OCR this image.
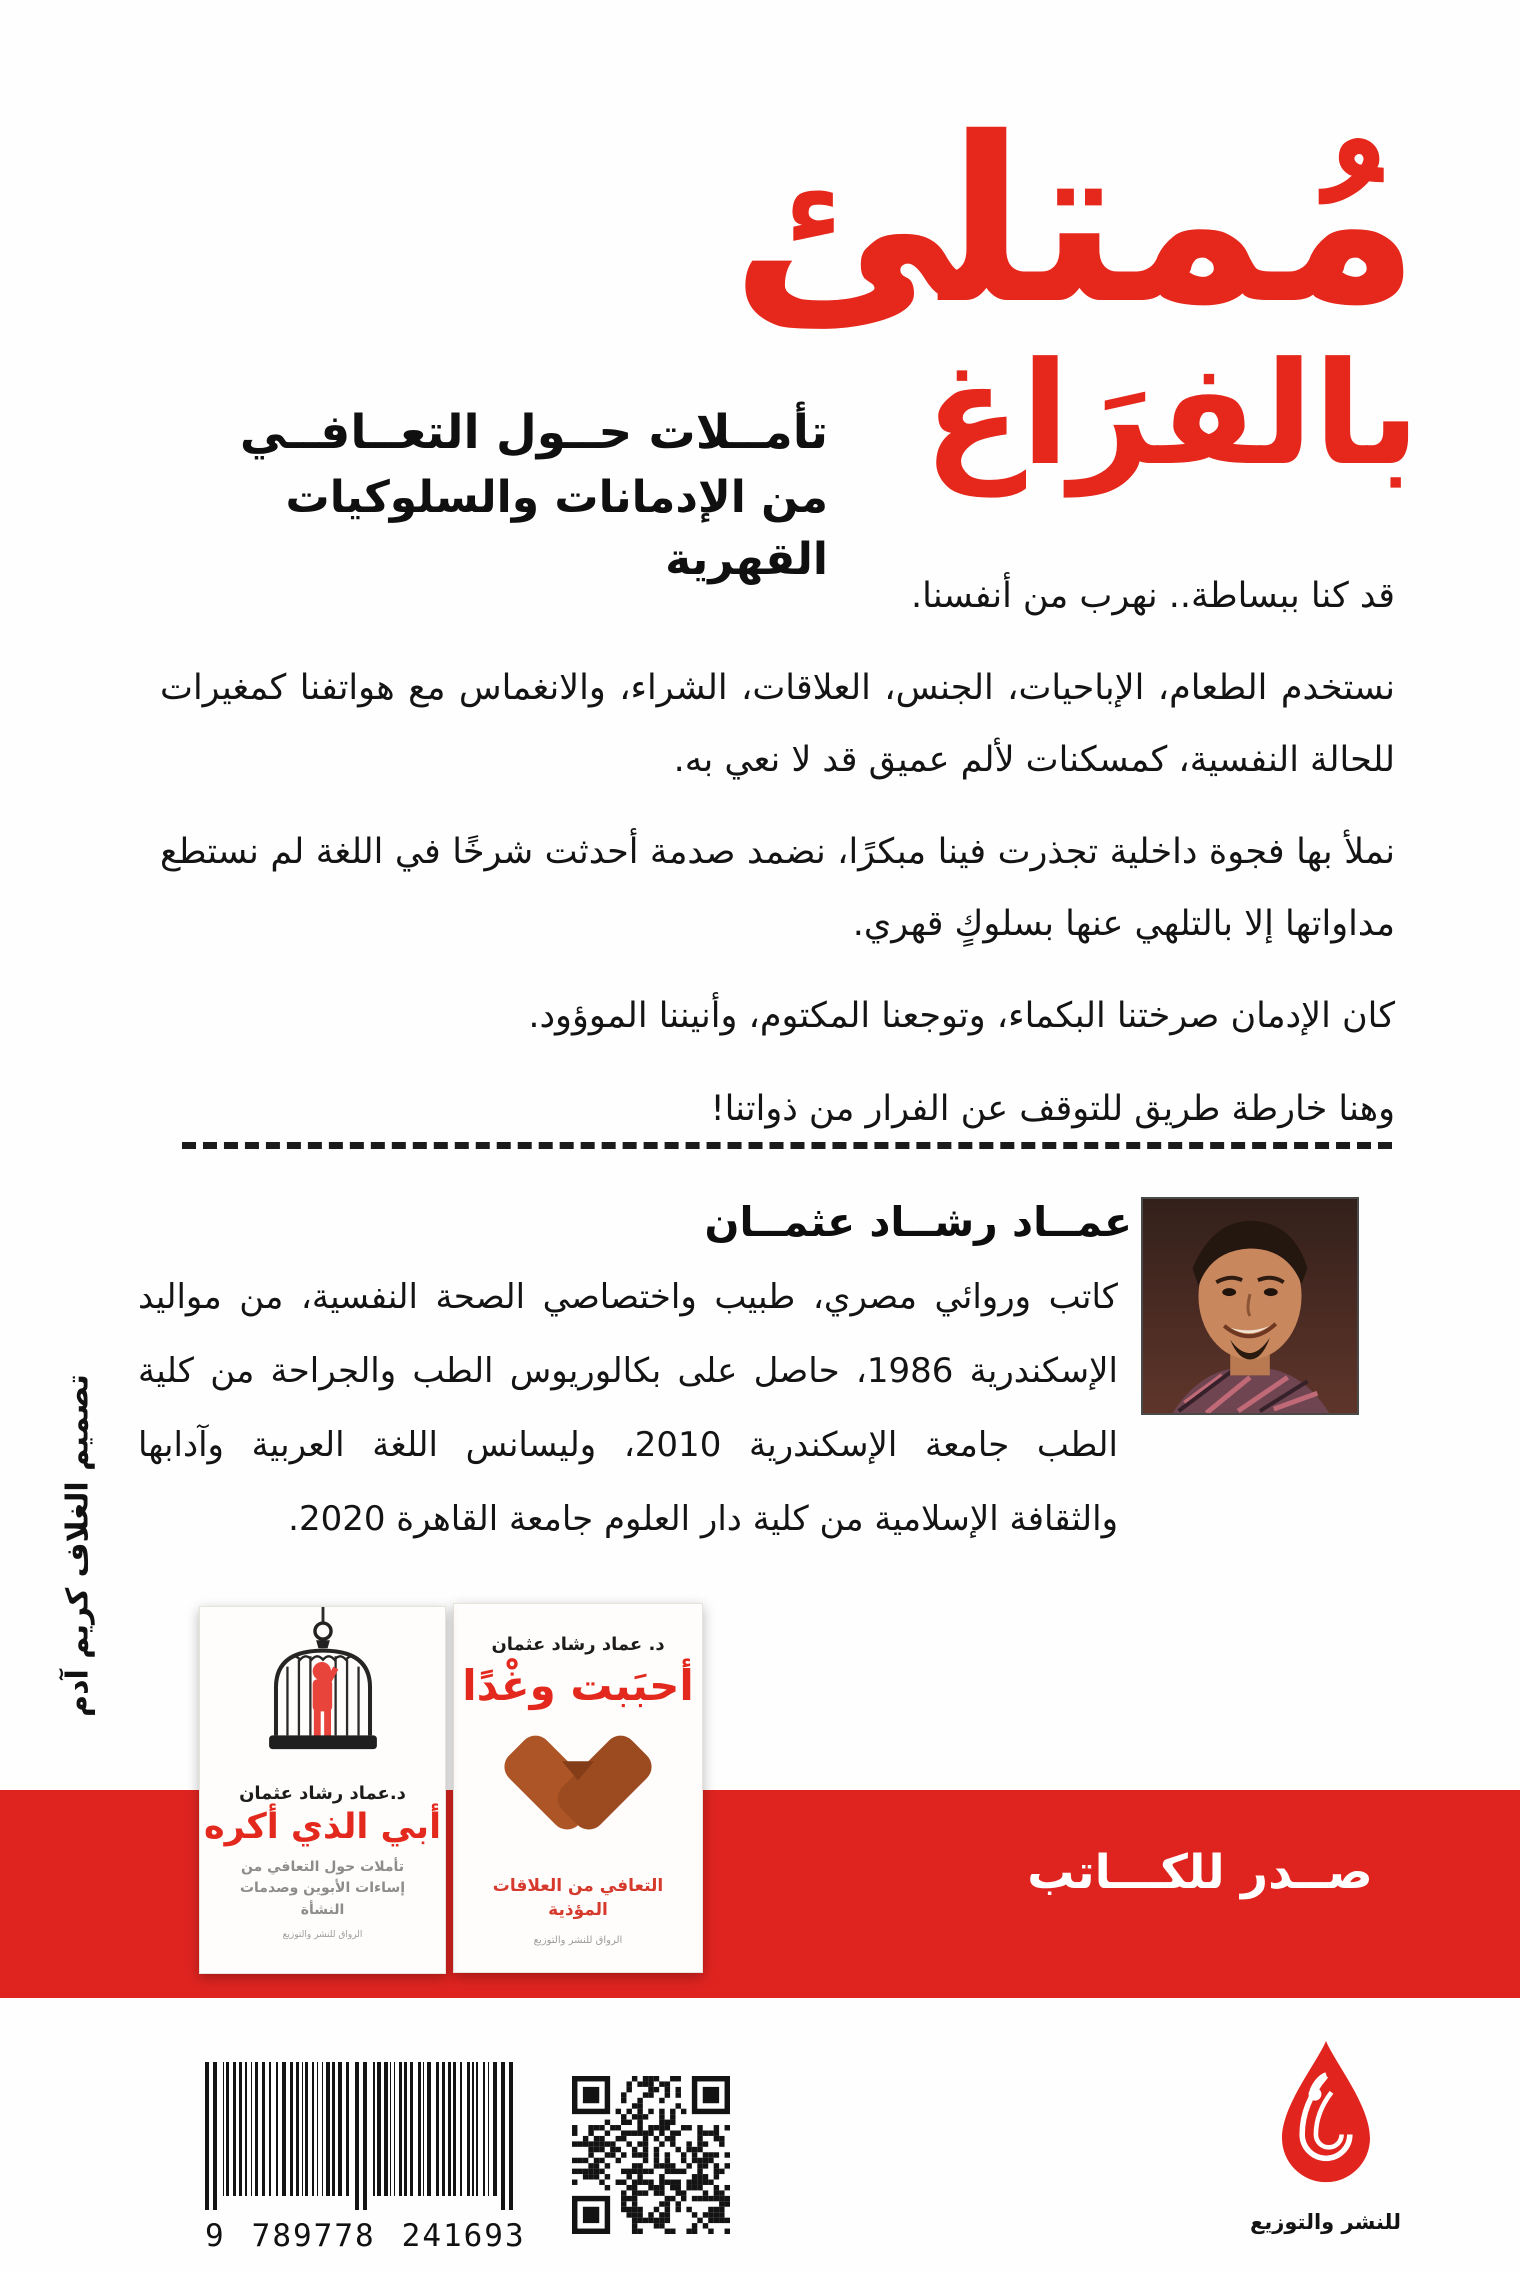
مُمتلئ
بالفرَاغ
تأمــلات حــول التعــافــي
من الإدمانات والسلوكيات القهرية

قد كنا ببساطة.. نهرب من أنفسنا.

نستخدم الطعام، الإباحيات، الجنس، العلاقات، الشراء، والانغماس مع هواتفنا كمغيرات للحالة النفسية، كمسكنات لألم عميق قد لا نعي به.

نملأ بها فجوة داخلية تجذرت فينا مبكرًا، نضمد صدمة أحدثت شرخًا في اللغة لم نستطع مداواتها إلا بالتلهي عنها بسلوكٍ قهري.

كان الإدمان صرختنا البكماء، وتوجعنا المكتوم، وأنيننا الموؤود.

وهنا خارطة طريق للتوقف عن الفرار من ذواتنا!

عمــاد رشــاد عثمــان
كاتب وروائي مصري، طبيب واختصاصي الصحة النفسية، من مواليد الإسكندرية 1986، حاصل على بكالوريوس الطب والجراحة من كلية الطب جامعة الإسكندرية 2010، وليسانس اللغة العربية وآدابها والثقافة الإسلامية من كلية دار العلوم جامعة القاهرة 2020.
تصميم الغلاف كريم آدم
صــدر للكـــاتب
د. عماد رشاد عثمان
أحبَبت وغْدًا
التعافي من العلاقات المؤذية
الرواق للنشر والتوزيع
د.عماد رشاد عثمان
أبي الذي أكره
تأملات حول التعافي من إساءات الأبوين وصدمات النشأة
الرواق للنشر والتوزيع
9 789778 241693	للنشر والتوزيع
